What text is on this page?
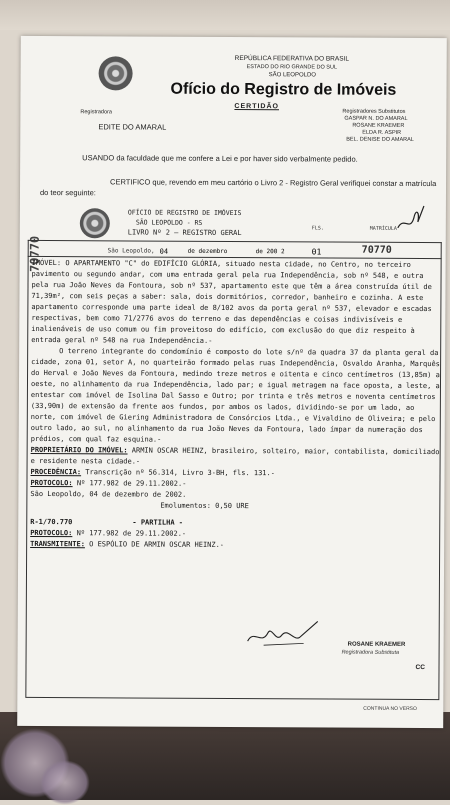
REPÚBLICA FEDERATIVA DO BRASIL
ESTADO DO RIO GRANDE DO SUL
SÃO LEOPOLDO
Ofício do Registro de Imóveis
CERTIDÃO
Registradora
EDITE DO AMARAL
Registradores Substitutos
GASPAR N. DO AMARAL
ROSANE KRAEMER
ELDA R. ASPIR
BEL. DENISE DO AMARAL
USANDO da faculdade que me confere a Lei e por haver sido verbalmente pedido.
CERTIFICO que, revendo em meu cartório o Livro 2 - Registro Geral verifiquei constar a matrícula do teor seguinte:
70770
OFÍCIO DE REGISTRO DE IMÓVEIS
SÃO LEOPOLDO - RS
LIVRO Nº 2 — REGISTRO GERAL
FLS.	MATRÍCULA
São Leopoldo, 04	de dezembro	de 200 2	01	70770

IMÓVEL: O APARTAMENTO "C" do EDIFÍCIO GLÓRIA, situado nesta cidade, no Centro, no terceiro pavimento ou segundo andar, com uma entrada geral pela rua Independência, sob nº 548, e outra pela rua João Neves da Fontoura, sob nº 537, apartamento este que têm a área construída útil de 71,39m², com seis peças a saber: sala, dois dormitórios, corredor, banheiro e cozinha. A este apartamento corresponde uma parte ideal de 8/102 avos da porta geral nº 537, elevador e escadas respectivas, bem como 71/2776 avos do terreno e das dependências e coisas indivisíveis e inalienáveis de uso comum ou fim proveitoso do edifício, com exclusão do que diz respeito à entrada geral nº 548 na rua Independência.-

O terreno integrante do condomínio é composto do lote s/nº da quadra 37 da planta geral da cidade, zona 01, setor A, no quarteirão formado pelas ruas Independência, Osvaldo Aranha, Marquês do Herval e João Neves da Fontoura, medindo treze metros e oitenta e cinco centímetros (13,85m) a oeste, no alinhamento da rua Independência, lado par; e igual metragem na face oposta, a leste, a entestar com imóvel de Isolina Dal Sasso e Outro; por trinta e três metros e noventa centímetros (33,90m) de extensão da frente aos fundos, por ambos os lados, dividindo-se por um lado, ao norte, com imóvel de Giering Administradora de Consórcios Ltda., e Vivaldino de Oliveira; e pelo outro lado, ao sul, no alinhamento da rua João Neves da Fontoura, lado ímpar da numeração dos prédios, com qual faz esquina.-

PROPRIETÁRIO DO IMÓVEL: ARMIN OSCAR HEINZ, brasileiro, solteiro, maior, contabilista, domiciliado e residente nesta cidade.-

PROCEDÊNCIA: Transcrição nº 56.314, Livro 3-BH, fls. 131.-

PROTOCOLO: Nº 177.982 de 29.11.2002.-

São Leopoldo, 04 de dezembro de 2002.

Emolumentos: 0,50 URE

R-1/70.770	- PARTILHA -

PROTOCOLO: Nº 177.982 de 29.11.2002.-

TRANSMITENTE: O ESPÓLIO DE ARMIN OSCAR HEINZ.-

ROSANE KRAEMER
Registradora Substituta
CC
CONTINUA NO VERSO
